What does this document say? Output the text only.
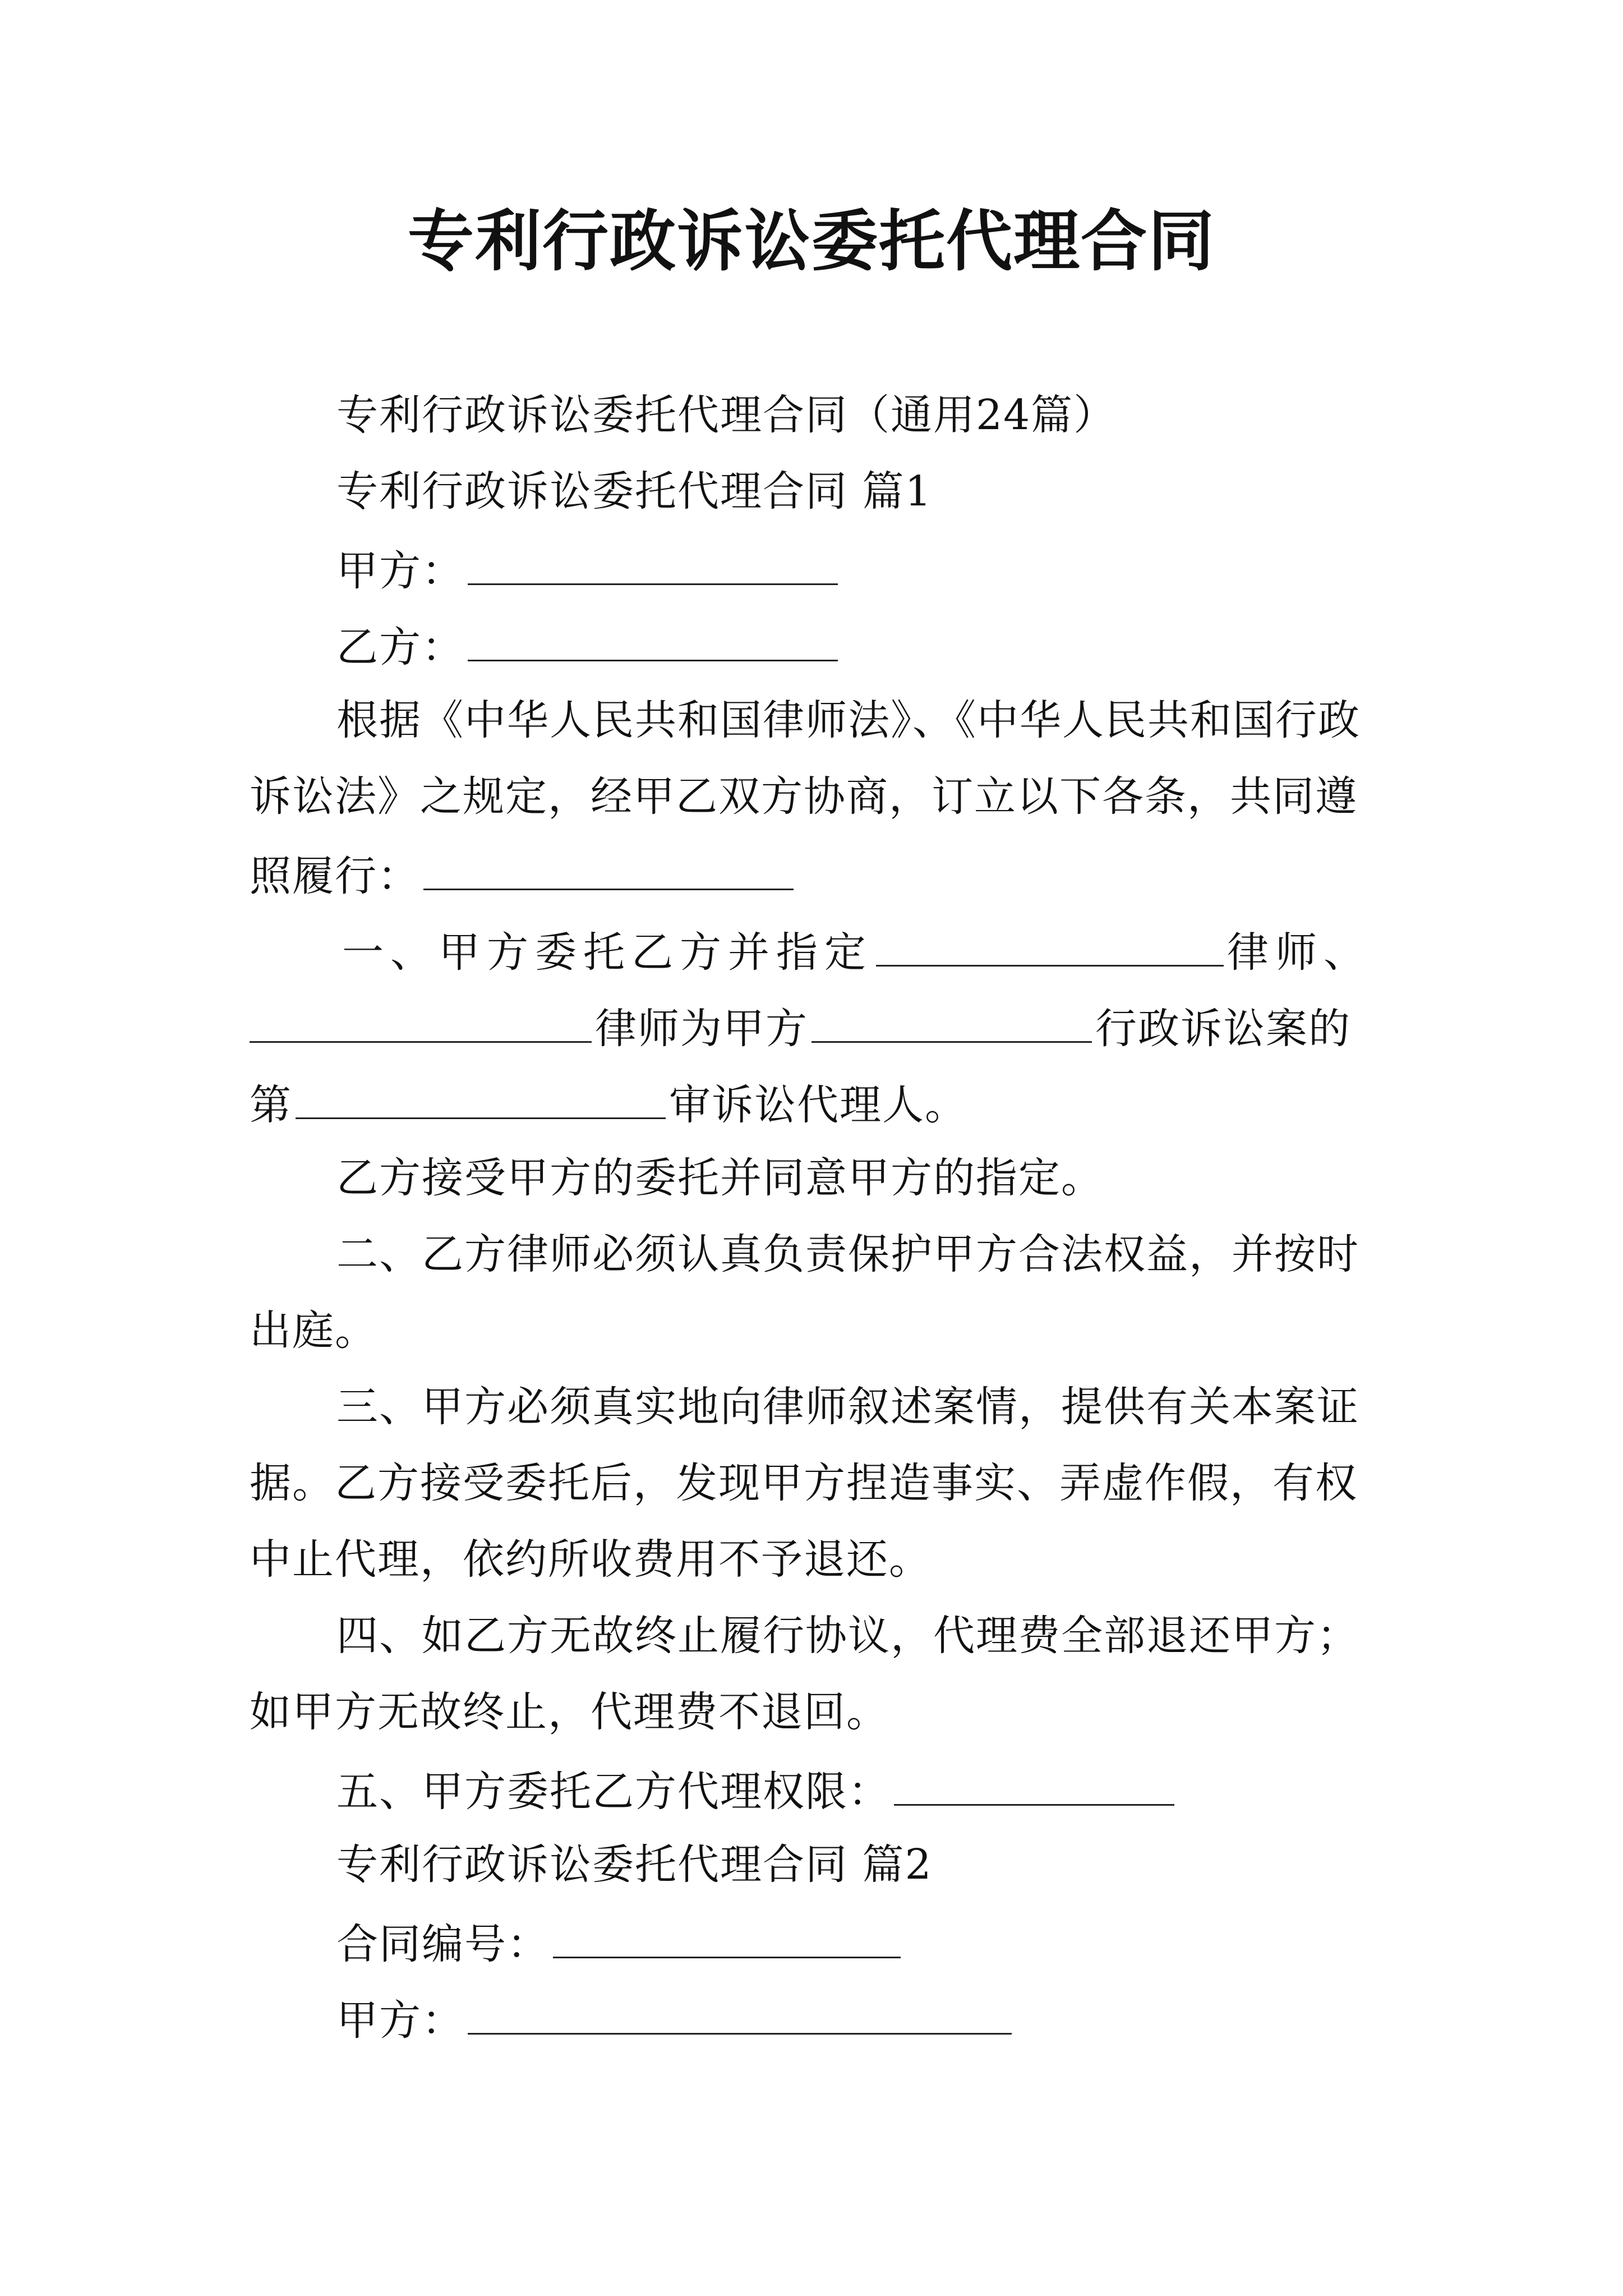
专利行政诉讼委托代理合同
专利行政诉讼委托代理合同（通用24篇）
专利行政诉讼委托代理合同 篇1
甲方：
乙方：
根据《中华人民共和国律师法》、《中华人民共和国行政
诉讼法》之规定，经甲乙双方协商，订立以下各条，共同遵
照履行：
一、甲方委托乙方并指定	律师、
律师为甲方	行政诉讼案的
第	审诉讼代理人。
乙方接受甲方的委托并同意甲方的指定。
二、乙方律师必须认真负责保护甲方合法权益，并按时
出庭。
三、甲方必须真实地向律师叙述案情，提供有关本案证
据。乙方接受委托后，发现甲方捏造事实、弄虚作假，有权
中止代理，依约所收费用不予退还。
四、如乙方无故终止履行协议，代理费全部退还甲方；
如甲方无故终止，代理费不退回。
五、甲方委托乙方代理权限：
专利行政诉讼委托代理合同 篇2
合同编号：
甲方：
